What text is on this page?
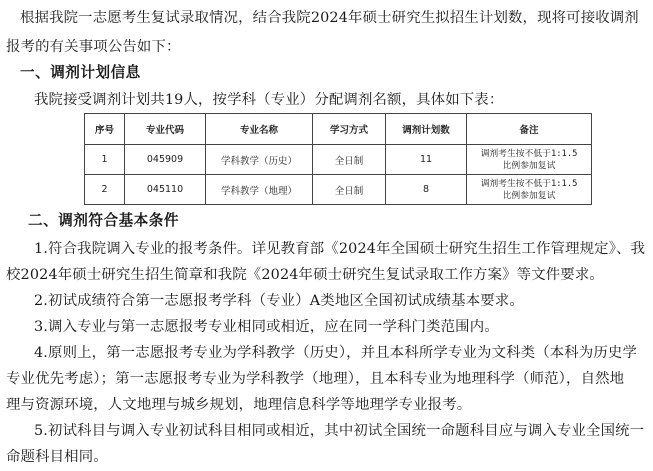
根据我院一志愿考生复试录取情况，结合我院2024年硕士研究生拟招生计划数，现将可接收调剂
报考的有关事项公告如下：
一、调剂计划信息
我院接受调剂计划共19人，按学科（专业）分配调剂名额，具体如下表：
序号	专业代码	专业名称	学习方式	调剂计划数	备注
1	045909	学科教学（历史）	全日制	11	调剂考生按不低于1:1.5
比例参加复试

2	045110	学科教学（地理）	全日制	8	调剂考生按不低于1:1.5
比例参加复试
二、调剂符合基本条件
1.符合我院调入专业的报考条件。详见教育部《2024年全国硕士研究生招生工作管理规定》、我
校2024年硕士研究生招生简章和我院《2024年硕士研究生复试录取工作方案》等文件要求。
2.初试成绩符合第一志愿报考学科（专业）A类地区全国初试成绩基本要求。
3.调入专业与第一志愿报考专业相同或相近，应在同一学科门类范围内。
4.原则上，第一志愿报考专业为学科教学（历史），并且本科所学专业为文科类（本科为历史学
专业优先考虑）；第一志愿报考专业为学科教学（地理），且本科专业为地理科学（师范），自然地
理与资源环境，人文地理与城乡规划，地理信息科学等地理学专业报考。
5.初试科目与调入专业初试科目相同或相近，其中初试全国统一命题科目应与调入专业全国统一
命题科目相同。
